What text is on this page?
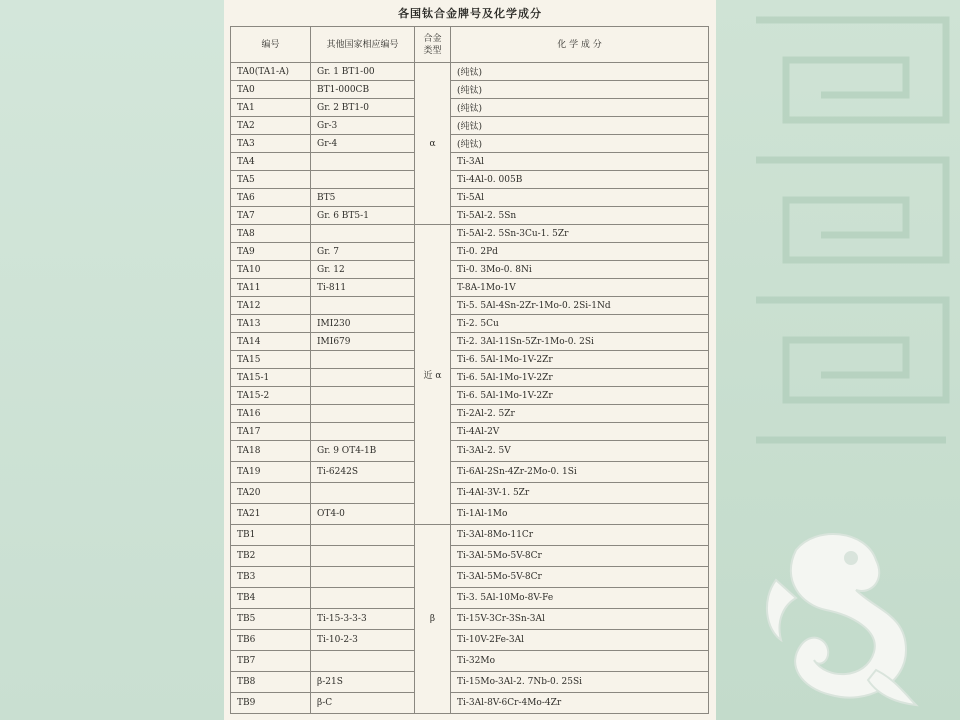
各国钛合金牌号及化学成分
编号	其他国家相应编号	合金类型	化 学 成 分
TA0(TA1-A)	Gr. 1 BT1-00	α	(纯钛)
TA0	BT1-000CB		(纯钛)
TA1	Gr. 2 BT1-0		(纯钛)
TA2	Gr-3		(纯钛)
TA3	Gr-4		(纯钛)
TA4			Ti-3Al
TA5			Ti-4Al-0. 005B
TA6	BT5		Ti-5Al
TA7	Gr. 6 BT5-1		Ti-5Al-2. 5Sn
TA8		近 α	Ti-5Al-2. 5Sn-3Cu-1. 5Zr
TA9	Gr. 7		Ti-0. 2Pd
TA10	Gr. 12		Ti-0. 3Mo-0. 8Ni
TA11	Ti-811		T-8A-1Mo-1V
TA12			Ti-5. 5Al-4Sn-2Zr-1Mo-0. 2Si-1Nd
TA13	IMI230		Ti-2. 5Cu
TA14	IMI679		Ti-2. 3Al-11Sn-5Zr-1Mo-0. 2Si
TA15			Ti-6. 5Al-1Mo-1V-2Zr
TA15-1			Ti-6. 5Al-1Mo-1V-2Zr
TA15-2			Ti-6. 5Al-1Mo-1V-2Zr
TA16			Ti-2Al-2. 5Zr
TA17			Ti-4Al-2V
TA18	Gr. 9 OT4-1B		Ti-3Al-2. 5V
TA19	Ti-6242S		Ti-6Al-2Sn-4Zr-2Mo-0. 1Si
TA20			Ti-4Al-3V-1. 5Zr
TA21	OT4-0		Ti-1Al-1Mo
TB1		β	Ti-3Al-8Mo-11Cr
TB2			Ti-3Al-5Mo-5V-8Cr
TB3			Ti-3Al-5Mo-5V-8Cr
TB4			Ti-3. 5Al-10Mo-8V-Fe
TB5	Ti-15-3-3-3		Ti-15V-3Cr-3Sn-3Al
TB6	Ti-10-2-3		Ti-10V-2Fe-3Al
TB7			Ti-32Mo
TB8	β-21S		Ti-15Mo-3Al-2. 7Nb-0. 25Si
TB9	β-C		Ti-3Al-8V-6Cr-4Mo-4Zr
